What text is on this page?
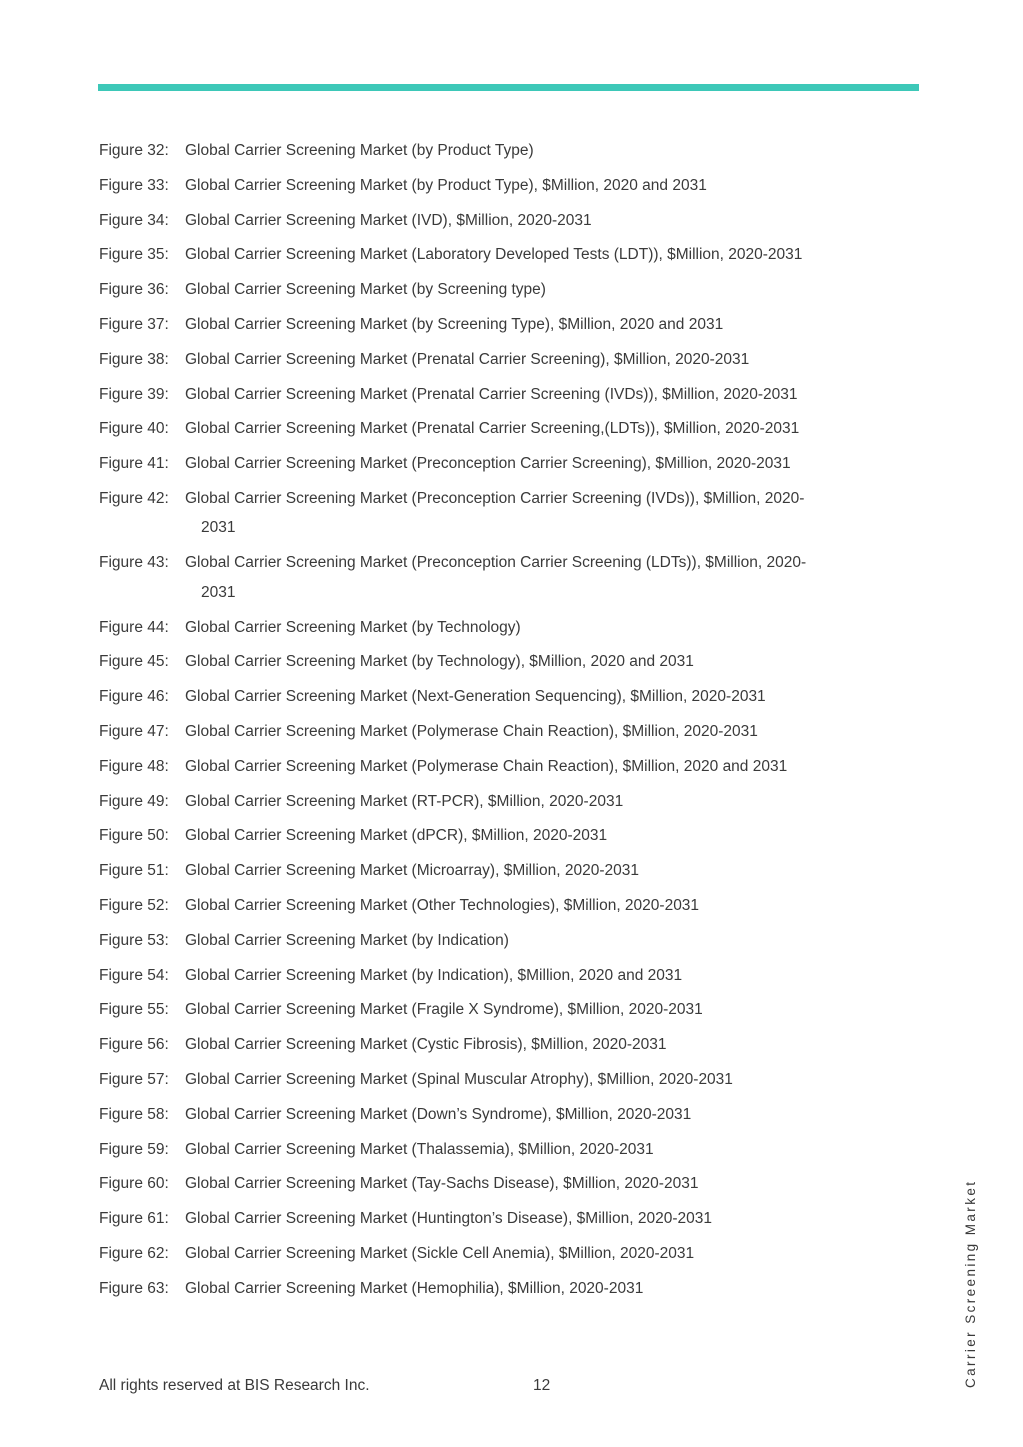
Figure 32:	Global Carrier Screening Market (by Product Type)
Figure 33:	Global Carrier Screening Market (by Product Type), $Million, 2020 and 2031
Figure 34:	Global Carrier Screening Market (IVD), $Million, 2020-2031
Figure 35:	Global Carrier Screening Market (Laboratory Developed Tests (LDT)), $Million, 2020-2031
Figure 36:	Global Carrier Screening Market (by Screening type)
Figure 37:	Global Carrier Screening Market (by Screening Type), $Million, 2020 and 2031
Figure 38:	Global Carrier Screening Market (Prenatal Carrier Screening), $Million, 2020-2031
Figure 39:	Global Carrier Screening Market (Prenatal Carrier Screening (IVDs)), $Million, 2020-2031
Figure 40:	Global Carrier Screening Market (Prenatal Carrier Screening,(LDTs)), $Million, 2020-2031
Figure 41:	Global Carrier Screening Market (Preconception Carrier Screening), $Million, 2020-2031
Figure 42:	Global Carrier Screening Market (Preconception Carrier Screening (IVDs)), $Million, 2020-
2031
Figure 43:	Global Carrier Screening Market (Preconception Carrier Screening (LDTs)), $Million, 2020-
2031
Figure 44:	Global Carrier Screening Market (by Technology)
Figure 45:	Global Carrier Screening Market (by Technology), $Million, 2020 and 2031
Figure 46:	Global Carrier Screening Market (Next-Generation Sequencing), $Million, 2020-2031
Figure 47:	Global Carrier Screening Market (Polymerase Chain Reaction), $Million, 2020-2031
Figure 48:	Global Carrier Screening Market (Polymerase Chain Reaction), $Million, 2020 and 2031
Figure 49:	Global Carrier Screening Market (RT-PCR), $Million, 2020-2031
Figure 50:	Global Carrier Screening Market (dPCR), $Million, 2020-2031
Figure 51:	Global Carrier Screening Market (Microarray), $Million, 2020-2031
Figure 52:	Global Carrier Screening Market (Other Technologies), $Million, 2020-2031
Figure 53:	Global Carrier Screening Market (by Indication)
Figure 54:	Global Carrier Screening Market (by Indication), $Million, 2020 and 2031
Figure 55:	Global Carrier Screening Market (Fragile X Syndrome), $Million, 2020-2031
Figure 56:	Global Carrier Screening Market (Cystic Fibrosis), $Million, 2020-2031
Figure 57:	Global Carrier Screening Market (Spinal Muscular Atrophy), $Million, 2020-2031
Figure 58:	Global Carrier Screening Market (Down’s Syndrome), $Million, 2020-2031
Figure 59:	Global Carrier Screening Market (Thalassemia), $Million, 2020-2031
Figure 60:	Global Carrier Screening Market (Tay-Sachs Disease), $Million, 2020-2031
Figure 61:	Global Carrier Screening Market (Huntington’s Disease), $Million, 2020-2031
Figure 62:	Global Carrier Screening Market (Sickle Cell Anemia), $Million, 2020-2031
Figure 63:	Global Carrier Screening Market (Hemophilia), $Million, 2020-2031
All rights reserved at BIS Research Inc.	12	Carrier Screening Market
